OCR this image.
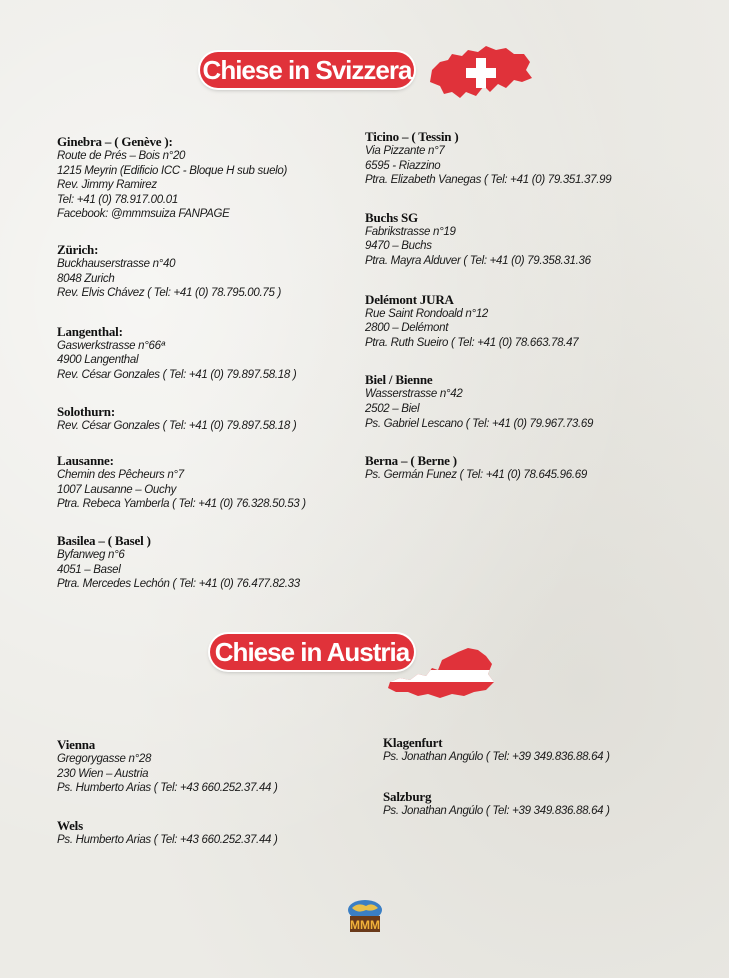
Chiese in Svizzera
Ginebra – ( Genève ):
Route de Prés – Bois n°20
1215 Meyrin (Edificio ICC - Bloque H sub suelo)
Rev. Jimmy Ramirez
Tel: +41 (0) 78.917.00.01
Facebook: @mmmsuiza FANPAGE
Zürich:
Buckhauserstrasse n°40
8048 Zurich
Rev. Elvis Chávez ( Tel: +41 (0) 78.795.00.75 )
Langenthal:
Gaswerkstrasse n°66ª
4900 Langenthal
Rev. César Gonzales ( Tel: +41 (0) 79.897.58.18 )
Solothurn:
Rev. César Gonzales ( Tel: +41 (0) 79.897.58.18 )
Lausanne:
Chemin des Pêcheurs n°7
1007 Lausanne – Ouchy
Ptra. Rebeca Yamberla ( Tel: +41 (0) 76.328.50.53 )
Basilea – ( Basel )
Byfanweg n°6
4051 – Basel
Ptra. Mercedes Lechón ( Tel: +41 (0) 76.477.82.33
Ticino – ( Tessin )
Via Pizzante n°7
6595 - Riazzino
Ptra. Elizabeth Vanegas ( Tel: +41 (0) 79.351.37.99
Buchs SG
Fabrikstrasse n°19
9470 – Buchs
Ptra. Mayra Alduver ( Tel: +41 (0) 79.358.31.36
Delémont JURA
Rue Saint Rondoald n°12
2800 – Delémont
Ptra. Ruth Sueiro ( Tel: +41 (0) 78.663.78.47
Biel / Bienne
Wasserstrasse n°42
2502 – Biel
Ps. Gabriel Lescano ( Tel: +41 (0) 79.967.73.69
Berna – ( Berne )
Ps. Germán Funez ( Tel: +41 (0) 78.645.96.69
Chiese in Austria
Vienna
Gregorygasse n°28
230 Wien – Austria
Ps. Humberto Arias ( Tel: +43 660.252.37.44 )
Wels
Ps. Humberto Arias ( Tel: +43 660.252.37.44 )
Klagenfurt
Ps. Jonathan Angúlo ( Tel: +39 349.836.88.64 )
Salzburg
Ps. Jonathan Angúlo ( Tel: +39 349.836.88.64 )
MMM
